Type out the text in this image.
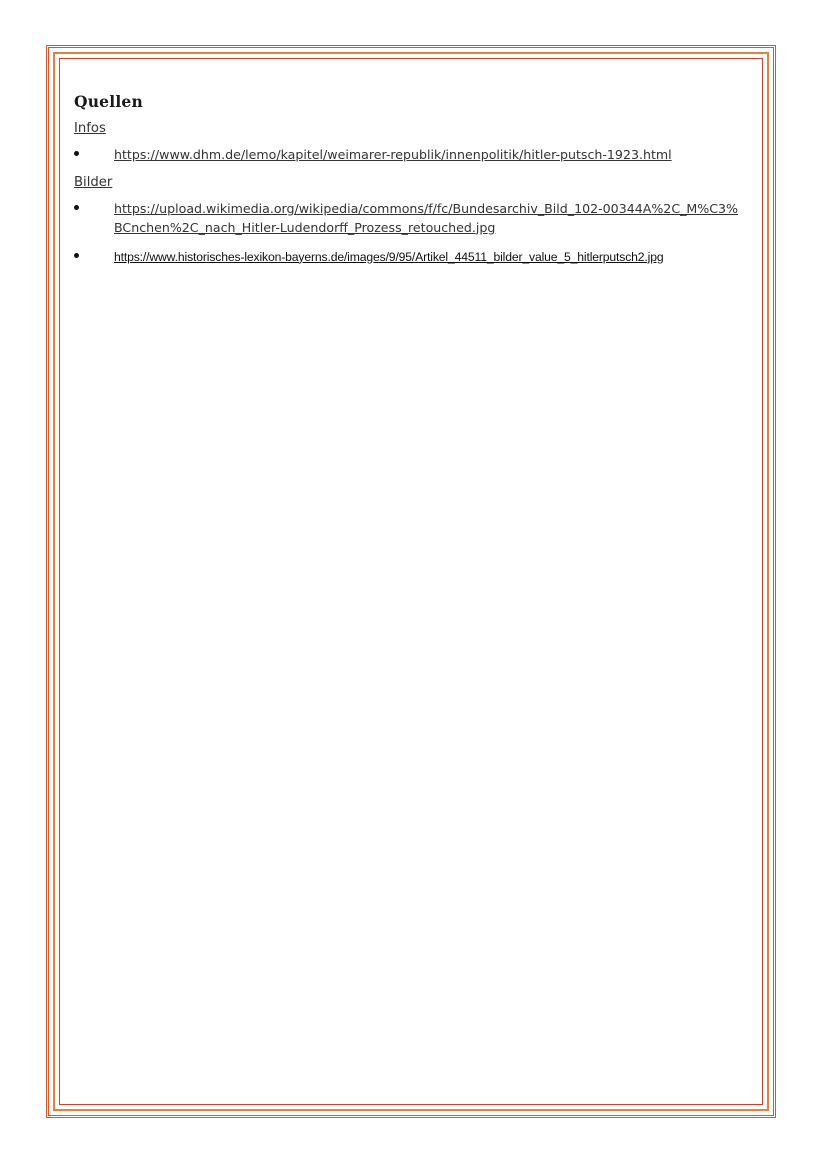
Quellen
Infos
https://www.dhm.de/lemo/kapitel/weimarer-republik/innenpolitik/hitler-putsch-1923.html
Bilder
https://upload.wikimedia.org/wikipedia/commons/f/fc/Bundesarchiv_Bild_102-00344A%2C_M%C3%BCnchen%2C_nach_Hitler-Ludendorff_Prozess_retouched.jpg
https://www.historisches-lexikon-bayerns.de/images/9/95/Artikel_44511_bilder_value_5_hitlerputsch2.jpg
